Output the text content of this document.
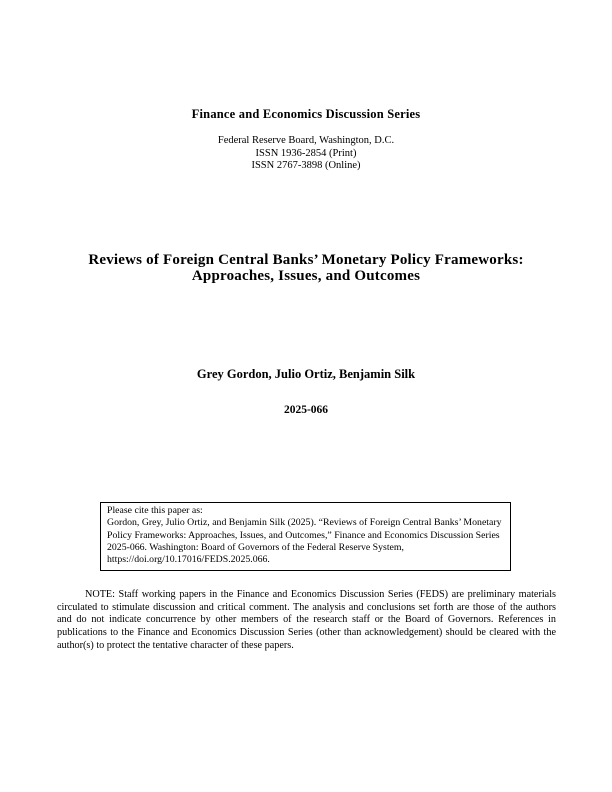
Finance and Economics Discussion Series
Federal Reserve Board, Washington, D.C.
ISSN 1936-2854 (Print)
ISSN 2767-3898 (Online)
Reviews of Foreign Central Banks’ Monetary Policy Frameworks:
Approaches, Issues, and Outcomes
Grey Gordon, Julio Ortiz, Benjamin Silk
2025-066
Please cite this paper as:
Gordon, Grey, Julio Ortiz, and Benjamin Silk (2025). “Reviews of Foreign Central Banks’ Monetary Policy Frameworks: Approaches, Issues, and Outcomes,” Finance and Economics Discussion Series 2025-066. Washington: Board of Governors of the Federal Reserve System, https://doi.org/10.17016/FEDS.2025.066.
NOTE: Staff working papers in the Finance and Economics Discussion Series (FEDS) are preliminary materials circulated to stimulate discussion and critical comment. The analysis and conclusions set forth are those of the authors and do not indicate concurrence by other members of the research staff or the Board of Governors. References in publications to the Finance and Economics Discussion Series (other than acknowledgement) should be cleared with the author(s) to protect the tentative character of these papers.
